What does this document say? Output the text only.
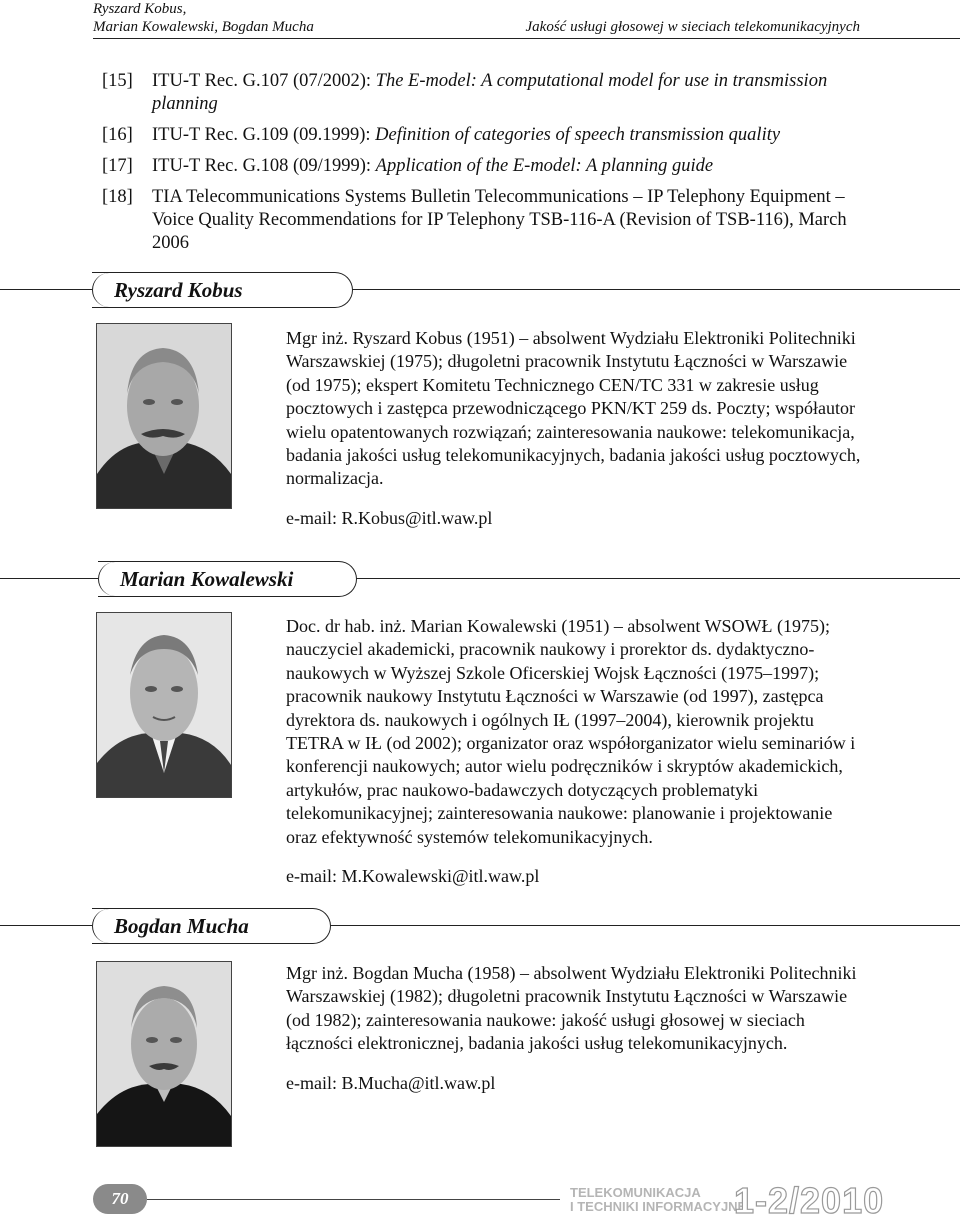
Ryszard Kobus,
Marian Kowalewski, Bogdan Mucha	Jakość usługi głosowej w sieciach telekomunikacyjnych
[15]	ITU-T Rec. G.107 (07/2002): The E-model: A computational model for use in transmission planning
[16]	ITU-T Rec. G.109 (09.1999): Definition of categories of speech transmission quality
[17]	ITU-T Rec. G.108 (09/1999): Application of the E-model: A planning guide
[18]	TIA Telecommunications Systems Bulletin Telecommunications – IP Telephony Equipment – Voice Quality Recommendations for IP Telephony TSB-116-A (Revision of TSB-116), March 2006
Ryszard Kobus

Mgr inż. Ryszard Kobus (1951) – absolwent Wydziału Elektroniki Politechniki Warszawskiej (1975); długoletni pracownik Instytutu Łączności w Warszawie (od 1975); ekspert Komitetu Technicznego CEN/TC 331 w zakresie usług pocztowych i zastępca przewodniczącego PKN/KT 259 ds. Poczty; współautor wielu opatentowanych rozwiązań; zainteresowania naukowe: telekomunikacja, badania jakości usług telekomunikacyjnych, badania jakości usług pocztowych, normalizacja.

e-mail: R.Kobus@itl.waw.pl

Marian Kowalewski

Doc. dr hab. inż. Marian Kowalewski (1951) – absolwent WSOWŁ (1975); nauczyciel akademicki, pracownik naukowy i prorektor ds. dydaktyczno-naukowych w Wyższej Szkole Oficerskiej Wojsk Łączności (1975–1997); pracownik naukowy Instytutu Łączności w Warszawie (od 1997), zastępca dyrektora ds. naukowych i ogólnych IŁ (1997–2004), kierownik projektu TETRA w IŁ (od 2002); organizator oraz współorganizator wielu seminariów i konferencji naukowych; autor wielu podręczników i skryptów akademickich, artykułów, prac naukowo-badawczych dotyczących problematyki telekomunikacyjnej; zainteresowania naukowe: planowanie i projektowanie oraz efektywność systemów telekomunikacyjnych.

e-mail: M.Kowalewski@itl.waw.pl

Bogdan Mucha

Mgr inż. Bogdan Mucha (1958) – absolwent Wydziału Elektroniki Politechniki Warszawskiej (1982); długoletni pracownik Instytutu Łączności w Warszawie (od 1982); zainteresowania naukowe: jakość usługi głosowej w sieciach łączności elektronicznej, badania jakości usług telekomunikacyjnych.

e-mail: B.Mucha@itl.waw.pl

70	TELEKOMUNIKACJA
I TECHNIKI INFORMACYJNE
1-2/2010
